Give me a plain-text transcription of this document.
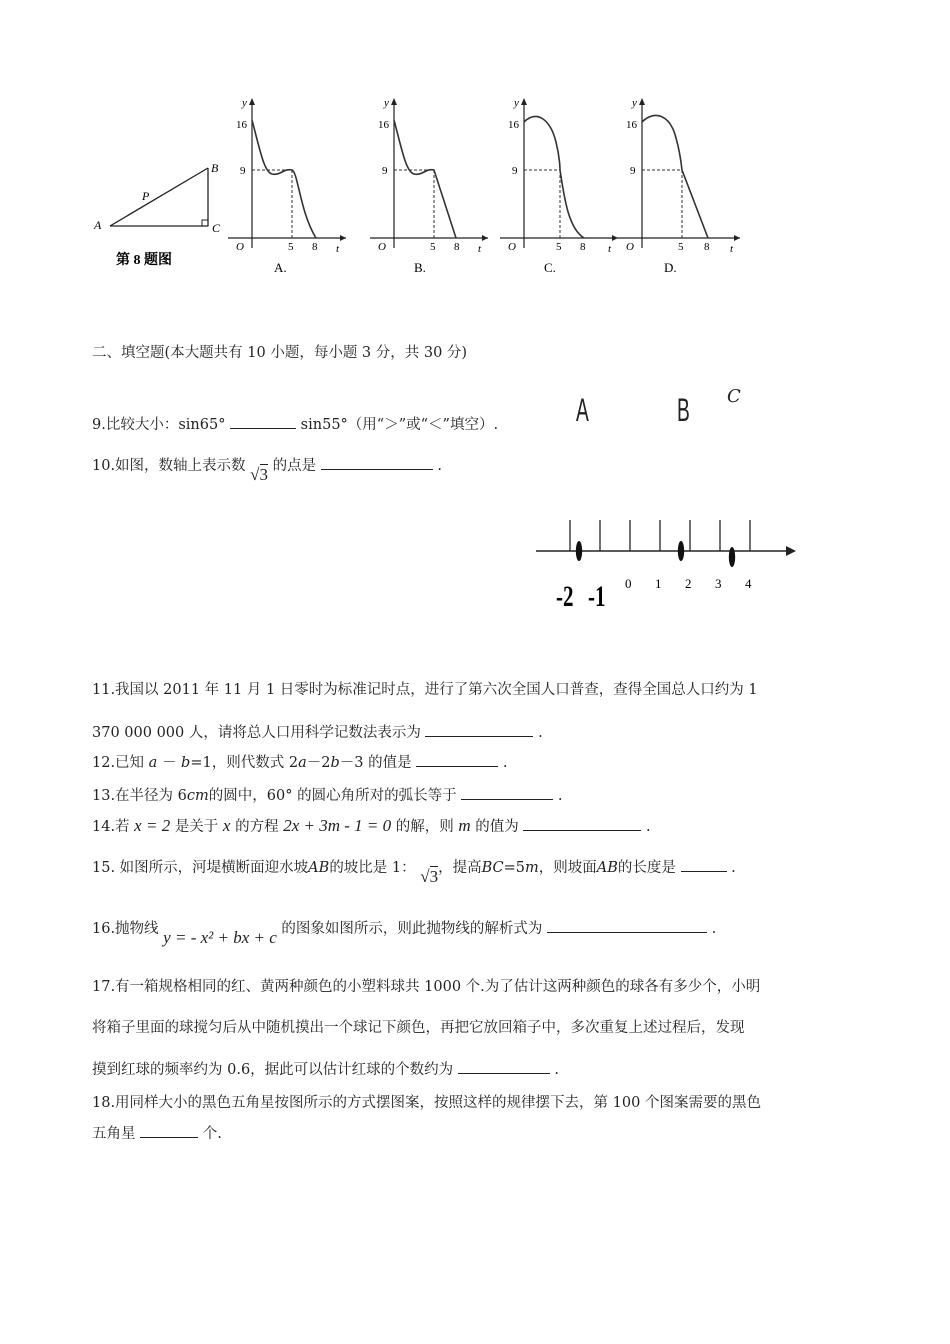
A
B
C
P
第 8 题图
y
t
O
16
9
5 8
A.
y
t
O
16
9
5 8
B.
y
t
O
16
9
5 8
C.
y
t
O
16
9
5 8
D.
二、填空题(本大题共有 10 小题，每小题 3 分，共 30 分)
9.比较大小：sin65°	sin55°（用“＞”或“＜”填空）. A	B C
10.如图，数轴上表示数 √3 的点是	.
-2 -1 0 1 2 3 4
11.我国以 2011 年 11 月 1 日零时为标准记时点，进行了第六次全国人口普查，查得全国总人口约为 1
370 000 000 人，请将总人口用科学记数法表示为	.
12.已知 a － b=1，则代数式 2a－2b－3 的值是	.
13.在半径为 6cm的圆中，60° 的圆心角所对的弧长等于	.
14.若 x = 2 是关于 x 的方程 2x + 3m - 1 = 0 的解，则 m 的值为	.
15. 如图所示，河堤横断面迎水坡AB的坡比是 1： √3，提高BC=5m，则坡面AB的长度是	.
16.抛物线 y = - x² + bx + c 的图象如图所示，则此抛物线的解析式为	.
17.有一箱规格相同的红、黄两种颜色的小塑料球共 1000 个.为了估计这两种颜色的球各有多少个，小明
将箱子里面的球搅匀后从中随机摸出一个球记下颜色，再把它放回箱子中，多次重复上述过程后，发现
摸到红球的频率约为 0.6，据此可以估计红球的个数约为	.
18.用同样大小的黑色五角星按图所示的方式摆图案，按照这样的规律摆下去，第 100 个图案需要的黑色
五角星	个.
